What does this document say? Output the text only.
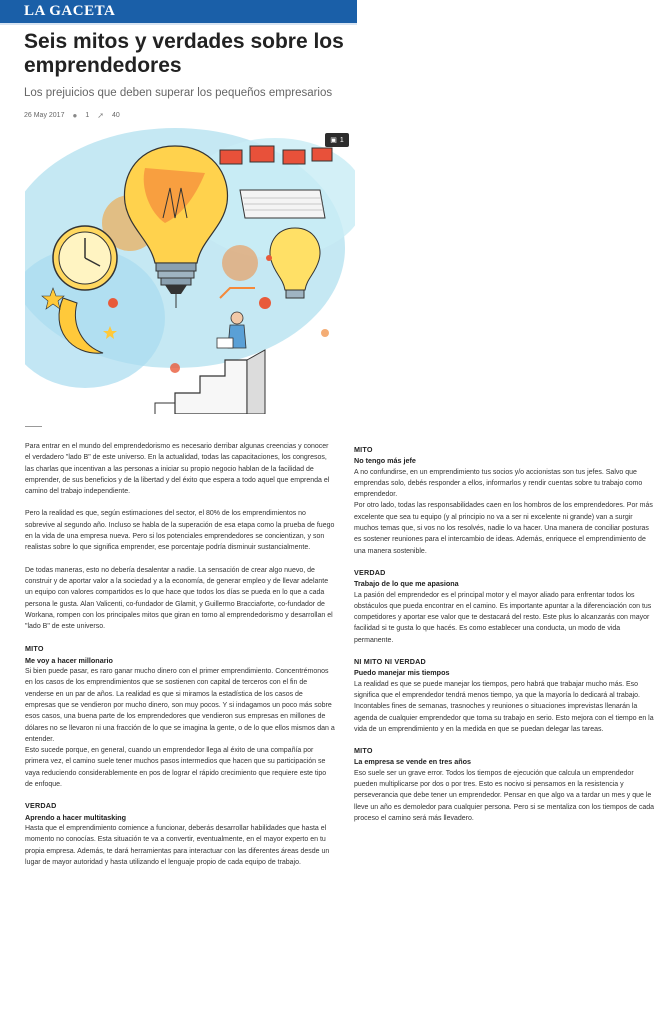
LA GACETA
Seis mitos y verdades sobre los emprendedores
Los prejuicios que deben superar los pequeños empresarios
26 May 2017 ● 1 ➚ 40
▣ 1

Para entrar en el mundo del emprendedorismo es necesario derribar algunas creencias y conocer el verdadero "lado B" de este universo. En la actualidad, todas las capacitaciones, los congresos, las charlas que incentivan a las personas a iniciar su propio negocio hablan de la facilidad de emprender, de sus beneficios y de la libertad y del éxito que espera a todo aquel que emprenda el camino del trabajo independiente.

Pero la realidad es que, según estimaciones del sector, el 80% de los emprendimientos no sobrevive al segundo año. Incluso se habla de la superación de esa etapa como la prueba de fuego en la vida de una empresa nueva. Pero si los potenciales emprendedores se concientizan, y son realistas sobre lo que significa emprender, ese porcentaje podría disminuir sustancialmente.

De todas maneras, esto no debería desalentar a nadie. La sensación de crear algo nuevo, de construir y de aportar valor a la sociedad y a la economía, de generar empleo y de llevar adelante un equipo con valores compartidos es lo que hace que todos los días se pueda en lo que a cada persona le gusta. Alan Valicenti, co-fundador de Glamit, y Guillermo Bracciaforte, co-fundador de Workana, rompen con los principales mitos que giran en torno al emprendedorismo y desarrollan el "lado B" de este universo.

MITO
Me voy a hacer millonario

Si bien puede pasar, es raro ganar mucho dinero con el primer emprendimiento. Concentrémonos en los casos de los emprendimientos que se sostienen con capital de terceros con el fin de venderse en un par de años. La realidad es que si miramos la estadística de los casos de empresas que se vendieron por mucho dinero, son muy pocos. Y si indagamos un poco más sobre esos casos, una buena parte de los emprendedores que vendieron sus empresas en millones de dólares no se llevaron ni una fracción de lo que se imagina la gente, o de lo que ellos mismos dan a entender.

Esto sucede porque, en general, cuando un emprendedor llega al éxito de una compañía por primera vez, el camino suele tener muchos pasos intermedios que hacen que su participación se vaya reduciendo considerablemente en pos de lograr el rápido crecimiento que requiere este tipo de enfoque.

VERDAD
Aprendo a hacer multitasking

Hasta que el emprendimiento comience a funcionar, deberás desarrollar habilidades que hasta el momento no conocías. Esta situación te va a convertir, eventualmente, en el mayor experto en tu propia empresa. Además, te dará herramientas para interactuar con las diferentes áreas desde un lugar de mayor autoridad y hasta utilizando el lenguaje propio de cada equipo de trabajo.

MITO
No tengo más jefe

A no confundirse, en un emprendimiento tus socios y/o accionistas son tus jefes. Salvo que emprendas solo, debés responder a ellos, informarlos y rendir cuentas sobre tu trabajo como emprendedor.

Por otro lado, todas las responsabilidades caen en los hombros de los emprendedores. Por más excelente que sea tu equipo (y al principio no va a ser ni excelente ni grande) van a surgir muchos temas que, si vos no los resolvés, nadie lo va hacer. Una manera de conciliar posturas es sostener reuniones para el intercambio de ideas. Además, enriquece el emprendimiento de una manera sostenible.

VERDAD
Trabajo de lo que me apasiona

La pasión del emprendedor es el principal motor y el mayor aliado para enfrentar todos los obstáculos que pueda encontrar en el camino. Es importante apuntar a la diferenciación con tus competidores y aportar ese valor que te destacará del resto. Este plus lo alcanzarás con mayor facilidad si te gusta lo que hacés. Es como establecer una conducta, un modo de vida permanente.

NI MITO NI VERDAD
Puedo manejar mis tiempos

La realidad es que se puede manejar los tiempos, pero habrá que trabajar mucho más. Eso significa que el emprendedor tendrá menos tiempo, ya que la mayoría lo dedicará al trabajo. Incontables fines de semanas, trasnoches y reuniones o situaciones imprevistas llenarán la agenda de cualquier emprendedor que toma su trabajo en serio. Esto mejora con el tiempo en la vida de un emprendimiento y en la medida en que se puedan delegar las tareas.

MITO
La empresa se vende en tres años

Eso suele ser un grave error. Todos los tiempos de ejecución que calcula un emprendedor pueden multiplicarse por dos o por tres. Esto es nocivo si pensamos en la resistencia y perseverancia que debe tener un emprendedor. Pensar en que algo va a tardar un mes y que le lleve un año es demoledor para cualquier persona. Pero si se mentaliza con los tiempos de cada proceso el camino será más llevadero.
